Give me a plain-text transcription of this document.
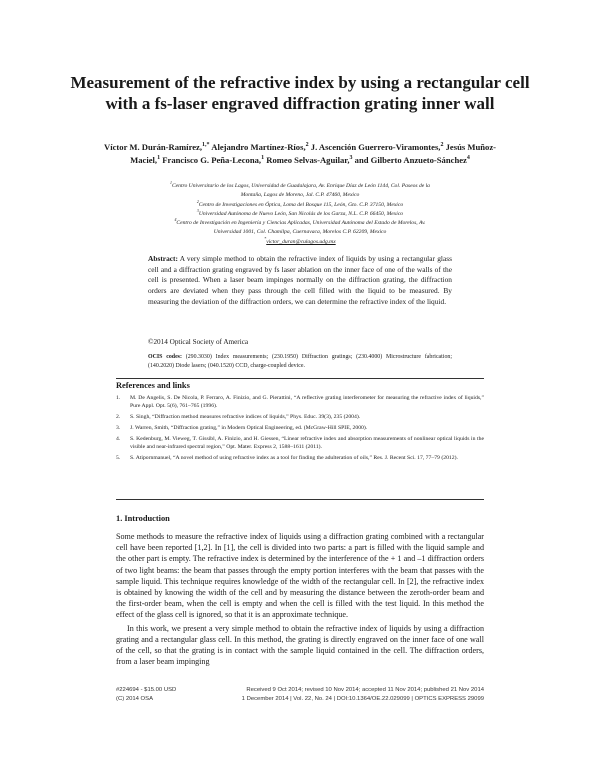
Measurement of the refractive index by using a rectangular cell with a fs-laser engraved diffraction grating inner wall
Víctor M. Durán-Ramírez,$^{1,*}$ Alejandro Martínez-Ríos,$^2$ J. Ascención Guerrero-Viramontes,$^2$ Jesús Muñoz-Maciel,$^1$ Francisco G. Peña-Lecona,$^1$ Romeo Selvas-Aguilar,$^3$ and Gilberto Anzueto-Sánchez$^4$
$^1$Centro Universitario de los Lagos, Universidad de Guadalajara, Av. Enrique Díaz de León 1144, Col. Paseos de la
Montaña, Lagos de Moreno, Jal. C.P. 47460, Mexico
$^2$Centro de Investigaciones en Óptica, Loma del Bosque 115, León, Gto. C.P. 37150, Mexico
$^3$Universidad Autónoma de Nuevo León, San Nicolás de los Garza, N.L. C.P. 66450, Mexico
$^4$Centro de Investigación en Ingeniería y Ciencias Aplicadas, Universidad Autónoma del Estado de Morelos, Av.
Universidad 1001, Col. Chamilpa, Cuernavaca, Morelos C.P. 62209, Mexico
*victor_duran@culagos.udg.mx
Abstract: A very simple method to obtain the refractive index of liquids by using a rectangular glass cell and a diffraction grating engraved by fs laser ablation on the inner face of one of the walls of the cell is presented. When a laser beam impinges normally on the diffraction grating, the diffraction orders are deviated when they pass through the cell filled with the liquid to be measured. By measuring the deviation of the diffraction orders, we can determine the refractive index of the liquid.
©2014 Optical Society of America
OCIS codes: (290.3030) Index measurements; (230.1950) Diffraction gratings; (230.4000) Microstructure fabrication; (140.2020) Diode lasers; (040.1520) CCD, charge-coupled device.
References and links
1.	M. De Angelis, S. De Nicola, P. Ferraro, A. Finizio, and G. Pierattini, “A reflective grating interferometer for measuring the refractive index of liquids,” Pure Appl. Opt. 5(6), 761–765 (1996).
2.	S. Singh, “Diffraction method measures refractive indices of liquids,” Phys. Educ. 39(3), 235 (2004).
3.	J. Warren, Smith, “Diffraction grating,” in Modern Optical Engineering, ed. (McGraw-Hill SPIE, 2000).
4.	S. Kedenburg, M. Vieweg, T. Gissibl, A. Finizio, and H. Giessen, “Linear refractive index and absorption measurements of nonlinear optical liquids in the visible and near-infrared spectral region,” Opt. Mater. Express 2, 1588–1611 (2011).
5.	S. Atipornmanuel, “A novel method of using refractive index as a tool for finding the adulteration of oils,” Res. J. Recent Sci. 17, 77–79 (2012).
1. Introduction

Some methods to measure the refractive index of liquids using a diffraction grating combined with a rectangular cell have been reported [1,2]. In [1], the cell is divided into two parts: a part is filled with the liquid sample and the other part is empty. The refractive index is determined by the interference of the + 1 and –1 diffraction orders of two light beams: the beam that passes through the empty portion interferes with the beam that passes with the sample liquid. This technique requires knowledge of the width of the rectangular cell. In [2], the refractive index is obtained by knowing the width of the cell and by measuring the distance between the zeroth-order beam and the first-order beam, when the cell is empty and when the cell is filled with the test liquid. In this method the effect of the glass cell is ignored, so that it is an approximate technique.

In this work, we present a very simple method to obtain the refractive index of liquids by using a diffraction grating and a rectangular glass cell. In this method, the grating is directly engraved on the inner face of one wall of the cell, so that the grating is in contact with the sample liquid contained in the cell. The diffraction orders, from a laser beam impinging

#224694 - $15.00 USD	Received 9 Oct 2014; revised 10 Nov 2014; accepted 11 Nov 2014; published 21 Nov 2014
(C) 2014 OSA	1 December 2014 | Vol. 22, No. 24 | DOI:10.1364/OE.22.029099 | OPTICS EXPRESS 29099
